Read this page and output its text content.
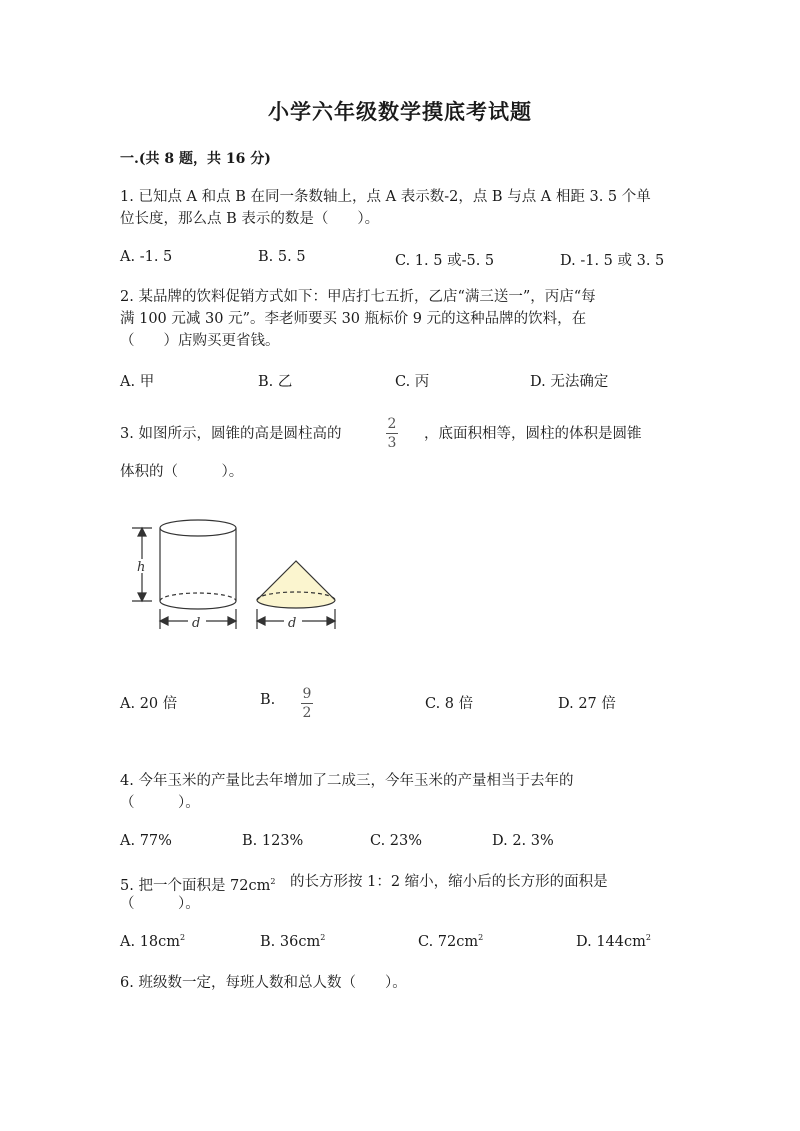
小学六年级数学摸底考试题
一.(共 8 题，共 16 分)
1. 已知点 A 和点 B 在同一条数轴上，点 A 表示数-2，点 B 与点 A 相距 3. 5 个单
位长度，那么点 B 表示的数是（　　）。
A. -1. 5	B. 5. 5	C. 1. 5 或-5. 5	D. -1. 5 或 3. 5
2. 某品牌的饮料促销方式如下：甲店打七五折，乙店“满三送一”，丙店“每
满 100 元减 30 元”。李老师要买 30 瓶标价 9 元的这种品牌的饮料，在
（　　）店购买更省钱。
A. 甲	B. 乙	C. 丙	D. 无法确定
3. 如图所示，圆锥的高是圆柱高的
2
3
，底面积相等，圆柱的体积是圆锥
体积的（　　　）。
h
d	d
A. 20 倍	B. 9
2
C. 8 倍	D. 27 倍
4. 今年玉米的产量比去年增加了二成三，今年玉米的产量相当于去年的
（　　　）。
A. 77%	B. 123%	C. 23%	D. 2. 3%
5. 把一个面积是 $72cm^2$ 的长方形按 1：2 缩小，缩小后的长方形的面积是
（　　　）。
A. $18cm^2$	B. $36cm^2$	C. $72cm^2$	D. $144cm^2$
6. 班级数一定，每班人数和总人数（　　）。
